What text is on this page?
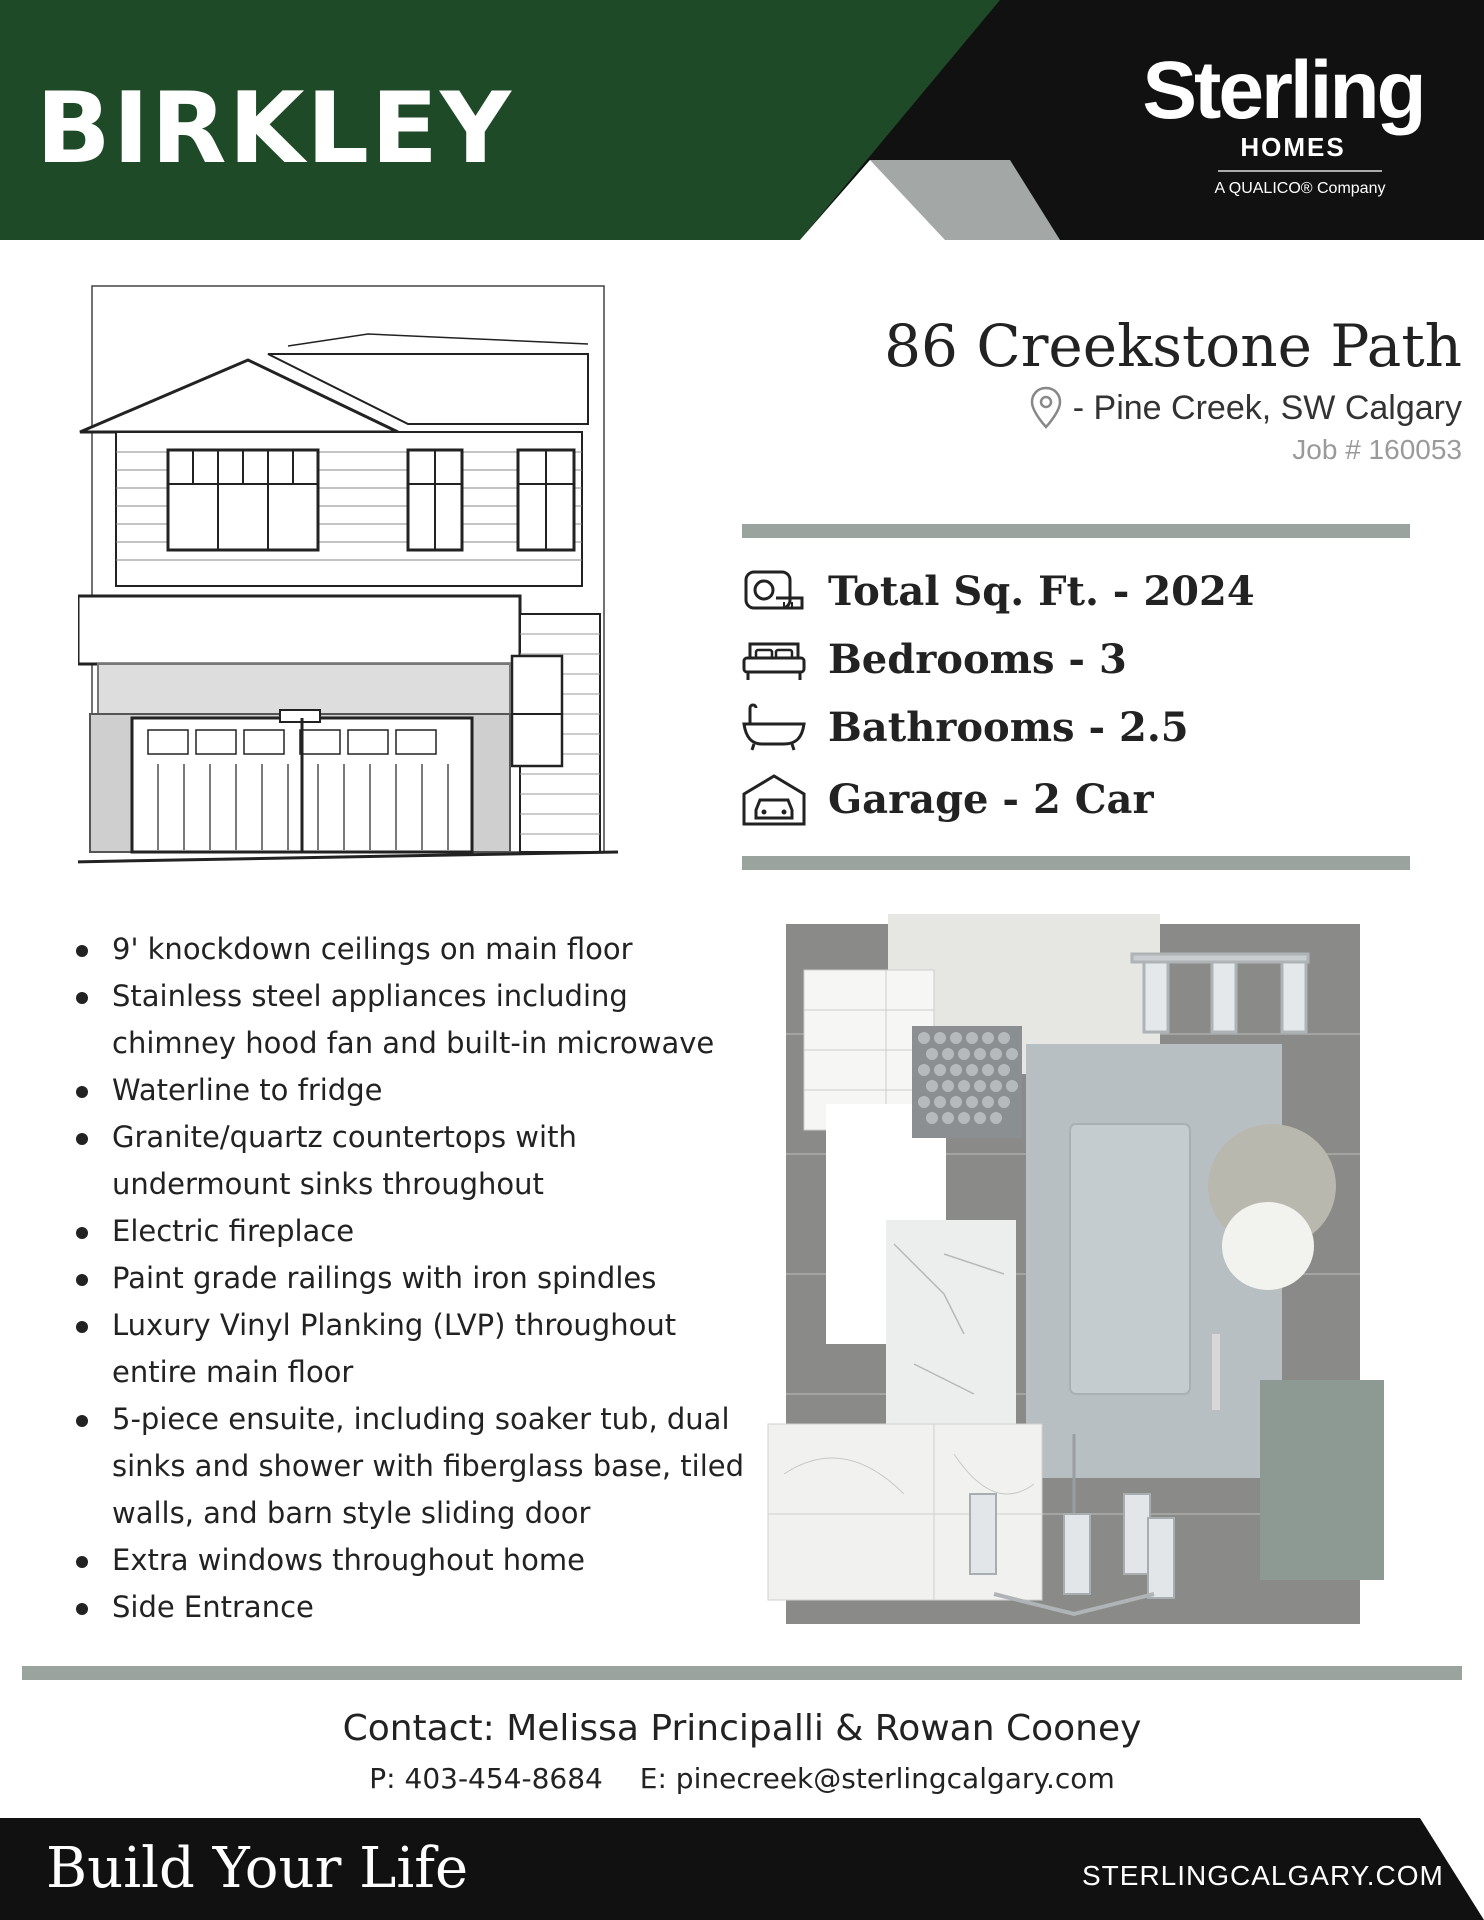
BIRKLEY	Sterling
HOMES
A QUALICO® Company
86 Creekstone Path
- Pine Creek, SW Calgary
Job # 160053
Total Sq. Ft. - 2024
Bedrooms - 3
Bathrooms - 2.5
Garage - 2 Car
9' knockdown ceilings on main floor
Stainless steel appliances including chimney hood fan and built-in microwave
Waterline to fridge
Granite/quartz countertops with undermount sinks throughout
Electric fireplace
Paint grade railings with iron spindles
Luxury Vinyl Planking (LVP) throughout entire main floor
5-piece ensuite, including soaker tub, dual sinks and shower with fiberglass base, tiled walls, and barn style sliding door
Extra windows throughout home
Side Entrance
Contact: Melissa Principalli & Rowan Cooney
P: 403-454-8684 E: pinecreek@sterlingcalgary.com
Build Your Life	STERLINGCALGARY.COM
